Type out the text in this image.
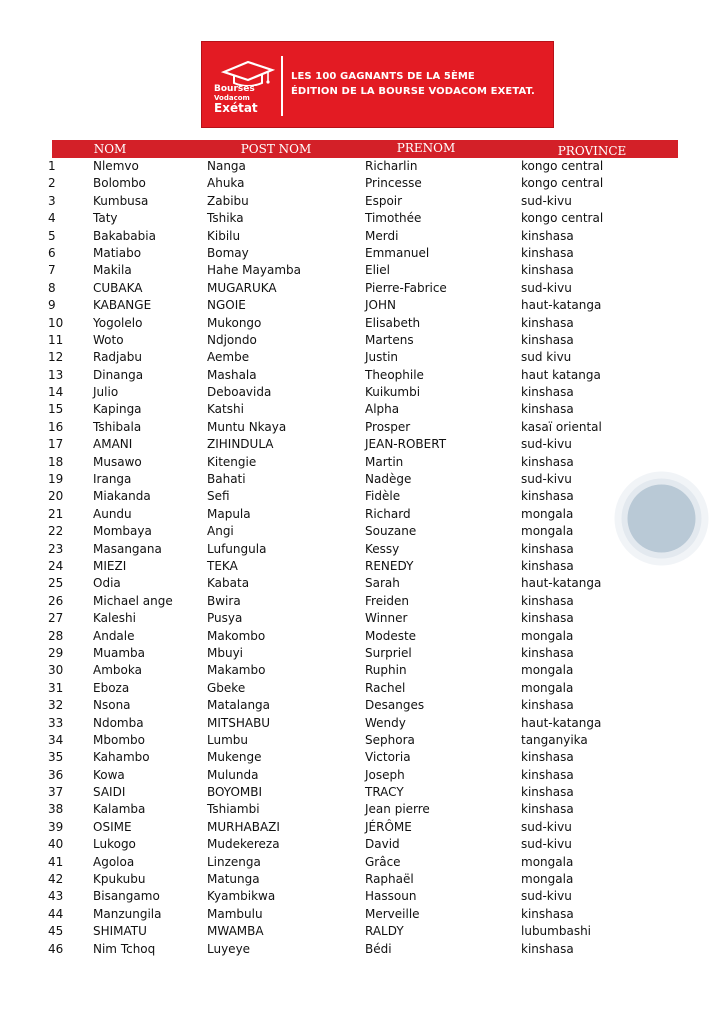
Bourses
Vodacom
Exétat
LES 100 GAGNANTS DE LA 5ÈME
ÉDITION DE LA BOURSE VODACOM EXETAT.
NOM	POST NOM	PRENOM	PROVINCE
1	Nlemvo	Nanga	Richarlin	kongo central
2	Bolombo	Ahuka	Princesse	kongo central
3	Kumbusa	Zabibu	Espoir	sud-kivu
4	Taty	Tshika	Timothée	kongo central
5	Bakababia	Kibilu	Merdi	kinshasa
6	Matiabo	Bomay	Emmanuel	kinshasa
7	Makila	Hahe Mayamba	Eliel	kinshasa
8	CUBAKA	MUGARUKA	Pierre-Fabrice	sud-kivu
9	KABANGE	NGOIE	JOHN	haut-katanga
10 Yogolelo	Mukongo	Elisabeth	kinshasa
11 Woto	Ndjondo	Martens	kinshasa
12 Radjabu	Aembe	Justin	sud kivu
13 Dinanga	Mashala	Theophile	haut katanga
14 Julio	Deboavida	Kuikumbi	kinshasa
15 Kapinga	Katshi	Alpha	kinshasa
16 Tshibala	Muntu Nkaya	Prosper	kasaï oriental
17 AMANI	ZIHINDULA	JEAN-ROBERT	sud-kivu
18 Musawo	Kitengie	Martin	kinshasa
19 Iranga	Bahati	Nadège	sud-kivu
20 Miakanda	Sefi	Fidèle	kinshasa
21 Aundu	Mapula	Richard	mongala
22 Mombaya	Angi	Souzane	mongala
23 Masangana	Lufungula	Kessy	kinshasa
24 MIEZI	TEKA	RENEDY	kinshasa
25 Odia	Kabata	Sarah	haut-katanga
26 Michael ange	Bwira	Freiden	kinshasa
27 Kaleshi	Pusya	Winner	kinshasa
28 Andale	Makombo	Modeste	mongala
29 Muamba	Mbuyi	Surpriel	kinshasa
30 Amboka	Makambo	Ruphin	mongala
31 Eboza	Gbeke	Rachel	mongala
32 Nsona	Matalanga	Desanges	kinshasa
33 Ndomba	MITSHABU	Wendy	haut-katanga
34 Mbombo	Lumbu	Sephora	tanganyika
35 Kahambo	Mukenge	Victoria	kinshasa
36 Kowa	Mulunda	Joseph	kinshasa
37 SAIDI	BOYOMBI	TRACY	kinshasa
38 Kalamba	Tshiambi	Jean pierre	kinshasa
39 OSIME	MURHABAZI	JÉRÔME	sud-kivu
40 Lukogo	Mudekereza	David	sud-kivu
41 Agoloa	Linzenga	Grâce	mongala
42 Kpukubu	Matunga	Raphaël	mongala
43 Bisangamo	Kyambikwa	Hassoun	sud-kivu
44 Manzungila	Mambulu	Merveille	kinshasa
45 SHIMATU	MWAMBA	RALDY	lubumbashi
46 Nim Tchoq	Luyeye	Bédi	kinshasa
